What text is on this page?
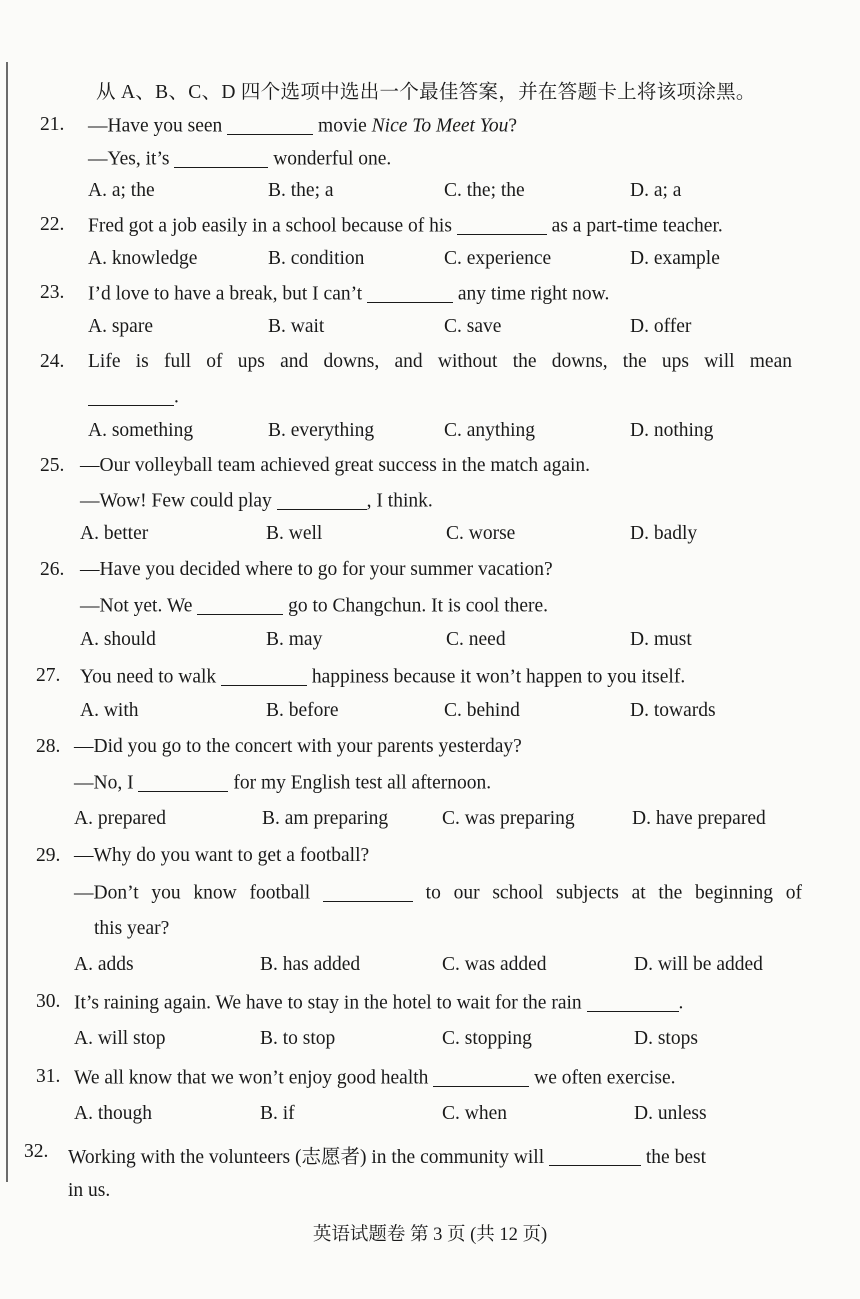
从 A、B、C、D 四个选项中选出一个最佳答案，并在答题卡上将该项涂黑。
21. —Have you seen	movie Nice To Meet You?
—Yes, it’s	wonderful one.
A. a; the	B. the; a	C. the; the	D. a; a
22. Fred got a job easily in a school because of his	as a part-time teacher.
A. knowledge	B. condition	C. experience	D. example
23. I’d love to have a break, but I can’t	any time right now.
A. spare	B. wait	C. save	D. offer
24. Life is full of ups and downs, and without the downs, the ups will mean
.
A. something	B. everything	C. anything	D. nothing
25. —Our volleyball team achieved great success in the match again.
—Wow! Few could play	, I think.
A. better	B. well	C. worse	D. badly
26. —Have you decided where to go for your summer vacation?
—Not yet. We	go to Changchun. It is cool there.
A. should	B. may	C. need	D. must
27. You need to walk	happiness because it won’t happen to you itself.
A. with	B. before	C. behind	D. towards
28. —Did you go to the concert with your parents yesterday?
—No, I	for my English test all afternoon.
A. prepared	B. am preparing	C. was preparing	D. have prepared
29. —Why do you want to get a football?
—Don’t you know football	to our school subjects at the beginning of
this year?
A. adds	B. has added	C. was added	D. will be added
30. It’s raining again. We have to stay in the hotel to wait for the rain	.
A. will stop	B. to stop	C. stopping	D. stops
31. We all know that we won’t enjoy good health	we often exercise.
A. though	B. if	C. when	D. unless
32. Working with the volunteers (志愿者) in the community will	the best
in us.
英语试题卷 第 3 页 (共 12 页)
